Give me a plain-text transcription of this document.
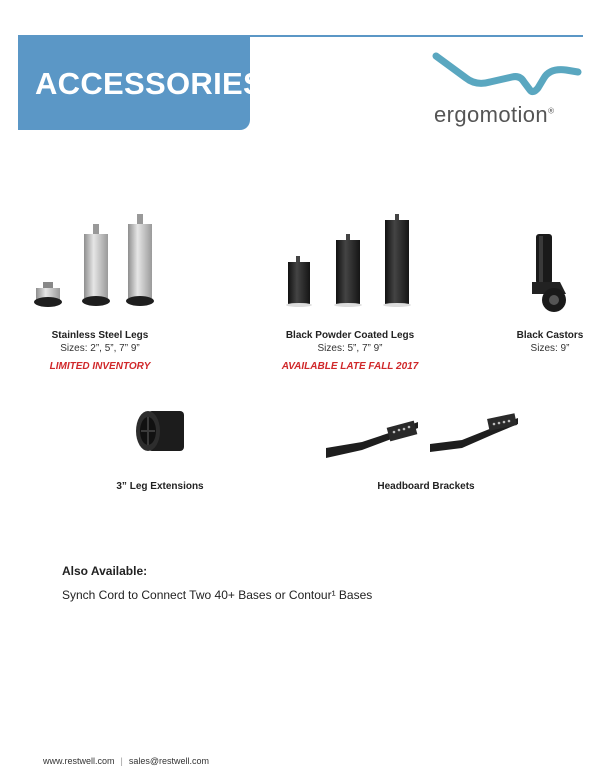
ACCESSORIES
ergomotion®
Stainless Steel Legs
Sizes: 2”, 5”, 7” 9”
LIMITED INVENTORY
Black Powder Coated Legs
Sizes: 5”, 7” 9”
AVAILABLE LATE FALL 2017
Black Castors
Sizes: 9”
3” Leg Extensions	Headboard Brackets
Also Available:
Synch Cord to Connect Two 40+ Bases or Contour¹ Bases
www.restwell.com | sales@restwell.com
